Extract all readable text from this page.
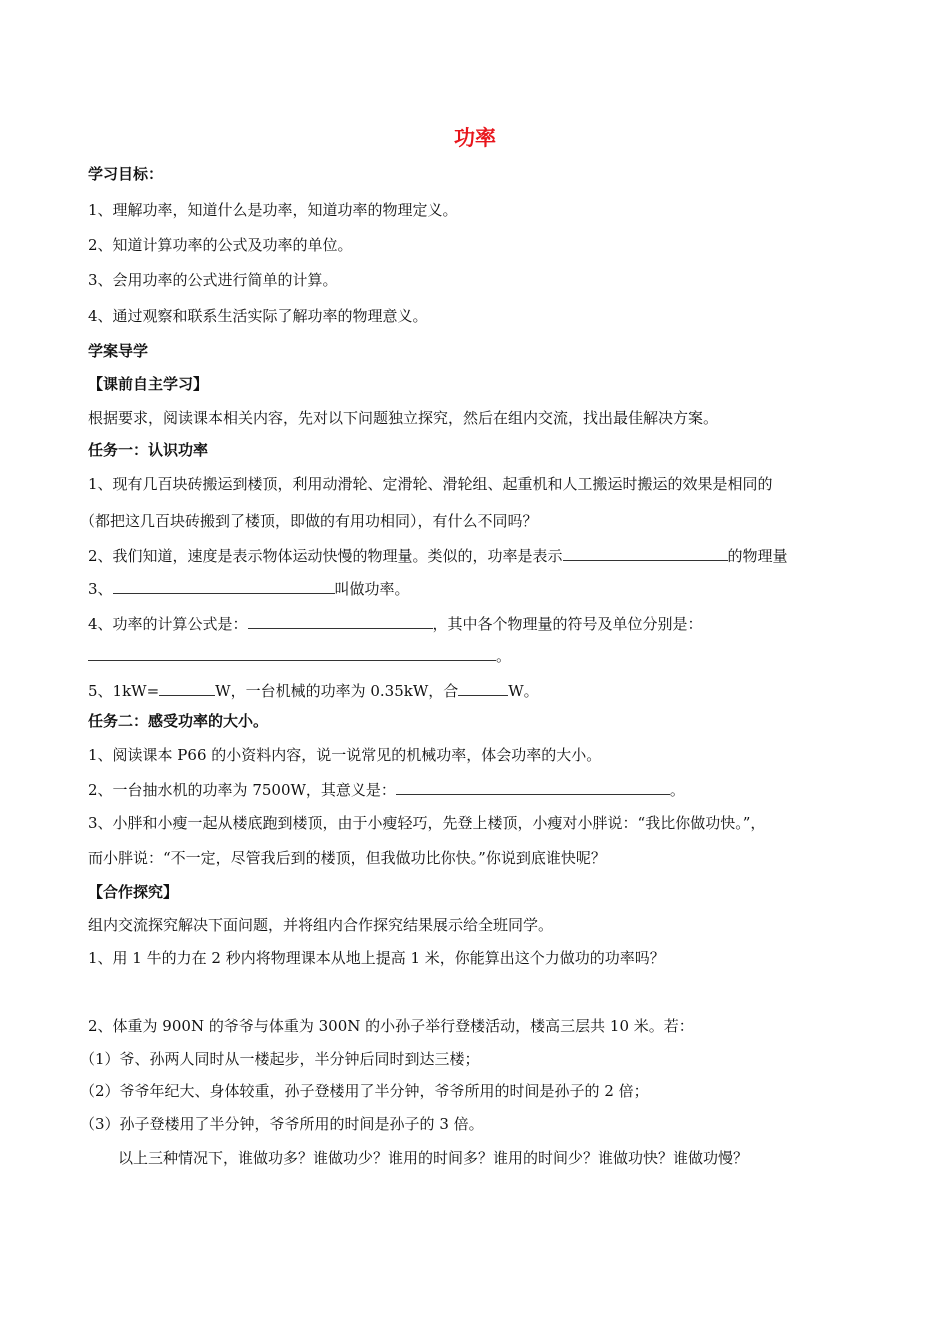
功率
学习目标：
1、理解功率，知道什么是功率，知道功率的物理定义。
2、知道计算功率的公式及功率的单位。
3、会用功率的公式进行简单的计算。
4、通过观察和联系生活实际了解功率的物理意义。
学案导学
【课前自主学习】
根据要求，阅读课本相关内容，先对以下问题独立探究，然后在组内交流，找出最佳解决方案。
任务一：认识功率
1、现有几百块砖搬运到楼顶，利用动滑轮、定滑轮、滑轮组、起重机和人工搬运时搬运的效果是相同的
（都把这几百块砖搬到了楼顶，即做的有用功相同），有什么不同吗？
2、我们知道，速度是表示物体运动快慢的物理量。类似的，功率是表示	的物理量
3、	叫做功率。
4、功率的计算公式是：	，其中各个物理量的符号及单位分别是：
。
5、1kW=	W，一台机械的功率为 0.35kW，合	W。
任务二：感受功率的大小。
1、阅读课本 P66 的小资料内容，说一说常见的机械功率，体会功率的大小。
2、一台抽水机的功率为 7500W，其意义是：	。
3、小胖和小瘦一起从楼底跑到楼顶，由于小瘦轻巧，先登上楼顶，小瘦对小胖说：“我比你做功快。”，
而小胖说：“不一定，尽管我后到的楼顶，但我做功比你快。”你说到底谁快呢？
【合作探究】
组内交流探究解决下面问题，并将组内合作探究结果展示给全班同学。
1、用 1 牛的力在 2 秒内将物理课本从地上提高 1 米，你能算出这个力做功的功率吗？
2、体重为 900N 的爷爷与体重为 300N 的小孙子举行登楼活动，楼高三层共 10 米。若：
（1）爷、孙两人同时从一楼起步，半分钟后同时到达三楼；
（2）爷爷年纪大、身体较重，孙子登楼用了半分钟，爷爷所用的时间是孙子的 2 倍；
（3）孙子登楼用了半分钟，爷爷所用的时间是孙子的 3 倍。
以上三种情况下，谁做功多？谁做功少？谁用的时间多？谁用的时间少？谁做功快？谁做功慢？
